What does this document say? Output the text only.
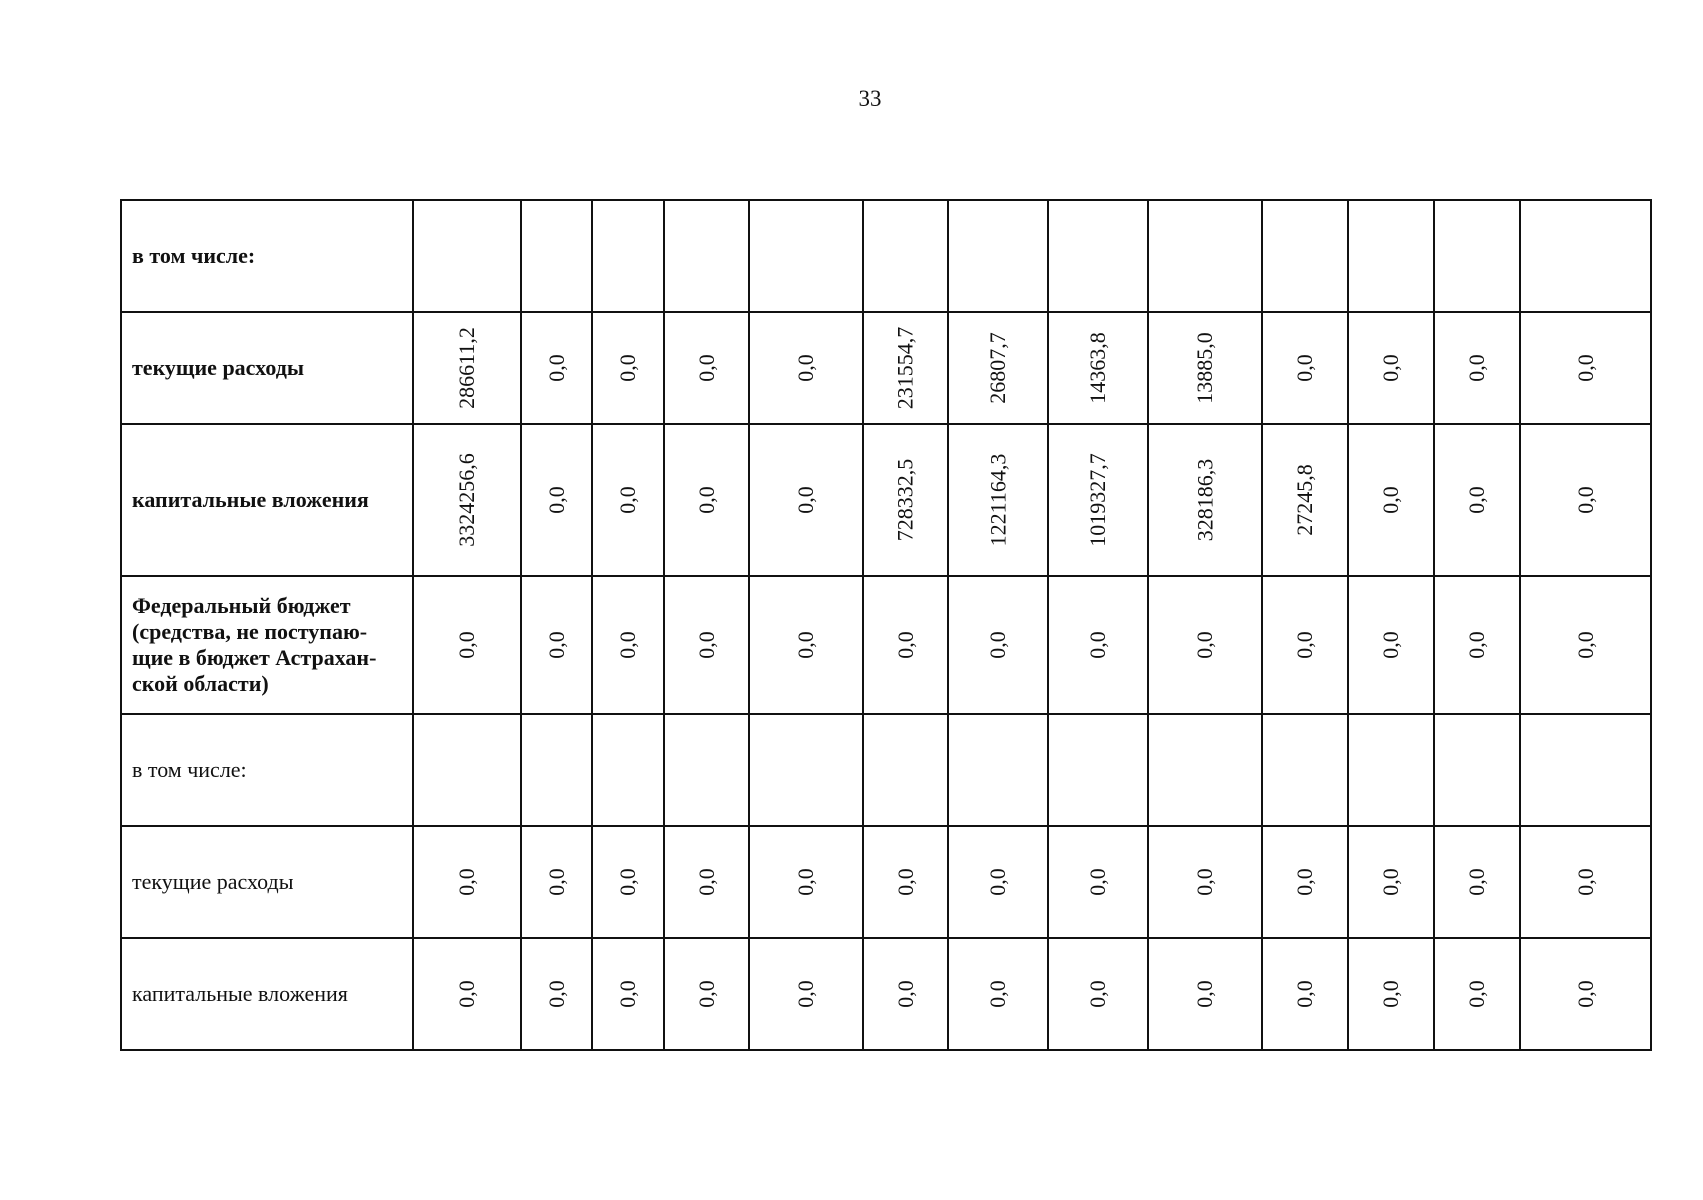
33
в том числе:													
текущие расходы	286611,2	0,0	0,0	0,0	0,0	231554,7	26807,7	14363,8	13885,0	0,0	0,0	0,0	0,0
капитальные вложения	3324256,6	0,0	0,0	0,0	0,0	728332,5	1221164,3	1019327,7	328186,3	27245,8	0,0	0,0	0,0
Федеральный бюджет (средства, не поступаю-щие в бюджет Астрахан-ской области)	0,0	0,0	0,0	0,0	0,0	0,0	0,0	0,0	0,0	0,0	0,0	0,0	0,0
в том числе:													
текущие расходы	0,0	0,0	0,0	0,0	0,0	0,0	0,0	0,0	0,0	0,0	0,0	0,0	0,0
капитальные вложения	0,0	0,0	0,0	0,0	0,0	0,0	0,0	0,0	0,0	0,0	0,0	0,0	0,0
